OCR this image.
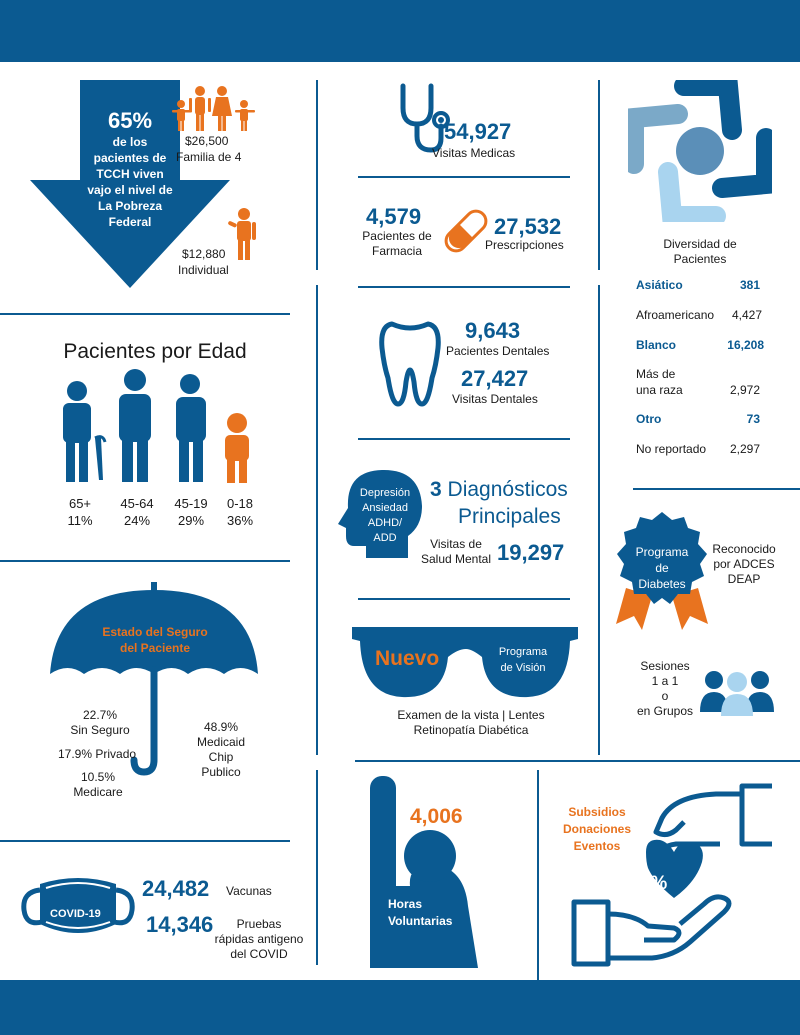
65%
de los
pacientes de
TCCH viven
vajo el nivel de
La Pobreza
Federal
$26,500
Familia de 4
$12,880
Individual
Pacientes por Edad
65+
11%
45-64
24%
45-19
29%
0-18
36%
Estado del Seguro
del Paciente
22.7%
Sin Seguro
17.9% Privado
10.5%
Medicare
48.9%
Medicaid
Chip
Publico
COVID-19
24,482 Vacunas
14,346	Pruebas
rápidas antigeno
del COVID
54,927
Visitas Medicas
4,579
Pacientes de
Farmacia
27,532
Prescripciones
9,643
Pacientes Dentales
27,427
Visitas Dentales
Depresión
Ansiedad
ADHD/
ADD
3 Diagnósticos
Principales
Visitas de
Salud Mental 19,297
Nuevo	Programa
de Visión
Examen de la vista | Lentes
Retinopatía Diabética
4,006
Horas
Voluntarias
Subsidios
Donaciones
Eventos
7.9%
Diversidad de
Pacientes
Asiático	381
Afroamericano 4,427
Blanco	16,208
Más de
una raza	2,972
Otro	73
No reportado 2,297
Programa
de
Diabetes
Reconocido
por ADCES
DEAP
Sesiones
1 a 1
o
en Grupos
